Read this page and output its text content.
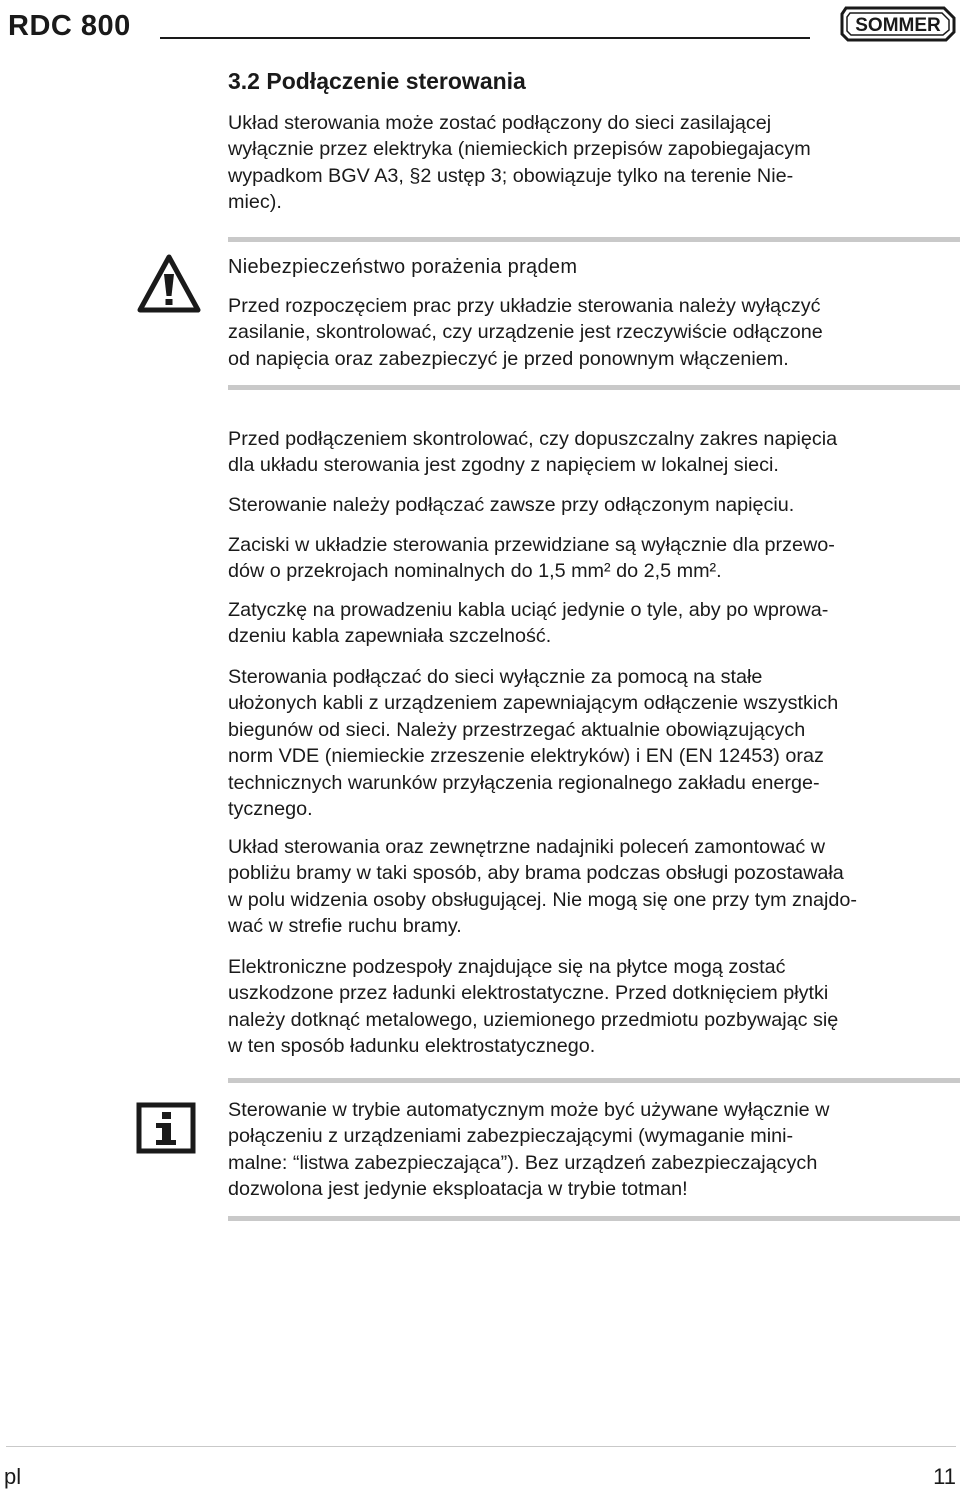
RDC 800	SOMMER
3.2 Podłączenie sterowania
Układ sterowania może zostać podłączony do sieci zasilającej
wyłącznie przez elektryka (niemieckich przepisów zapobiegajacym
wypadkom BGV A3, §2 ustęp 3; obowiązuje tylko na terenie Nie-
miec).
Niebezpieczeństwo porażenia prądem
Przed rozpoczęciem prac przy układzie sterowania należy wyłączyć
zasilanie, skontrolować, czy urządzenie jest rzeczywiście odłączone
od napięcia oraz zabezpieczyć je przed ponownym włączeniem.
Przed podłączeniem skontrolować, czy dopuszczalny zakres napięcia
dla układu sterowania jest zgodny z napięciem w lokalnej sieci.
Sterowanie należy podłączać zawsze przy odłączonym napięciu.
Zaciski w układzie sterowania przewidziane są wyłącznie dla przewo-
dów o przekrojach nominalnych do 1,5 mm² do 2,5 mm².
Zatyczkę na prowadzeniu kabla uciąć jedynie o tyle, aby po wprowa-
dzeniu kabla zapewniała szczelność.
Sterowania podłączać do sieci wyłącznie za pomocą na stałe
ułożonych kabli z urządzeniem zapewniającym odłączenie wszystkich
biegunów od sieci. Należy przestrzegać aktualnie obowiązujących
norm VDE (niemieckie zrzeszenie elektryków) i EN (EN 12453) oraz
technicznych warunków przyłączenia regionalnego zakładu energe-
tycznego.
Układ sterowania oraz zewnętrzne nadajniki poleceń zamontować w
pobliżu bramy w taki sposób, aby brama podczas obsługi pozostawała
w polu widzenia osoby obsługującej. Nie mogą się one przy tym znajdo-
wać w strefie ruchu bramy.
Elektroniczne podzespoły znajdujące się na płytce mogą zostać
uszkodzone przez ładunki elektrostatyczne. Przed dotknięciem płytki
należy dotknąć metalowego, uziemionego przedmiotu pozbywając się
w ten sposób ładunku elektrostatycznego.
Sterowanie w trybie automatycznym może być używane wyłącznie w
połączeniu z urządzeniami zabezpieczającymi (wymaganie mini-
malne: “listwa zabezpieczająca”). Bez urządzeń zabezpieczających
dozwolona jest jedynie eksploatacja w trybie totman!
pl	11
